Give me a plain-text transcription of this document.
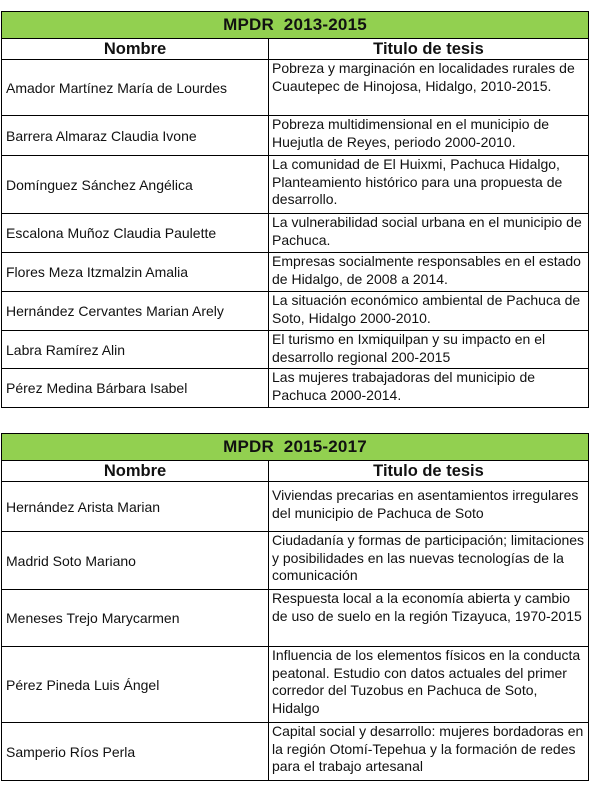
MPDR  2013-2015	
Nombre	Titulo de tesis
Amador Martínez María de Lourdes	Pobreza y marginación en localidades rurales de Cuautepec de Hinojosa, Hidalgo, 2010-2015.
Barrera Almaraz Claudia Ivone	Pobreza multidimensional en el municipio de Huejutla de Reyes, periodo 2000-2010.
Domínguez Sánchez Angélica	La comunidad de El Huixmi, Pachuca Hidalgo, Planteamiento histórico para una propuesta de desarrollo.
Escalona Muñoz Claudia Paulette	La vulnerabilidad social urbana en el municipio de Pachuca.
Flores Meza Itzmalzin Amalia	Empresas socialmente responsables en el estado de Hidalgo, de 2008 a 2014.
Hernández Cervantes Marian Arely	La situación económico ambiental de Pachuca de Soto, Hidalgo 2000-2010.
Labra Ramírez Alin	El turismo en Ixmiquilpan y su impacto en el desarrollo regional 200-2015
Pérez Medina Bárbara Isabel	Las mujeres trabajadoras del municipio de Pachuca 2000-2014.
MPDR  2015-2017	
Nombre	Titulo de tesis
Hernández Arista Marian	Viviendas precarias en asentamientos irregulares del municipio de Pachuca de Soto
Madrid Soto Mariano	Ciudadanía y formas de participación; limitaciones y posibilidades en las nuevas tecnologías de la comunicación
Meneses Trejo Marycarmen	Respuesta local a la economía abierta y cambio de uso de suelo en la región Tizayuca, 1970-2015
Pérez Pineda Luis Ángel	Influencia de los elementos físicos en la conducta peatonal. Estudio con datos actuales del primer corredor del Tuzobus en Pachuca de Soto, Hidalgo
Samperio Ríos Perla	Capital social y desarrollo: mujeres bordadoras en la región Otomí-Tepehua y la formación de redes para el trabajo artesanal
